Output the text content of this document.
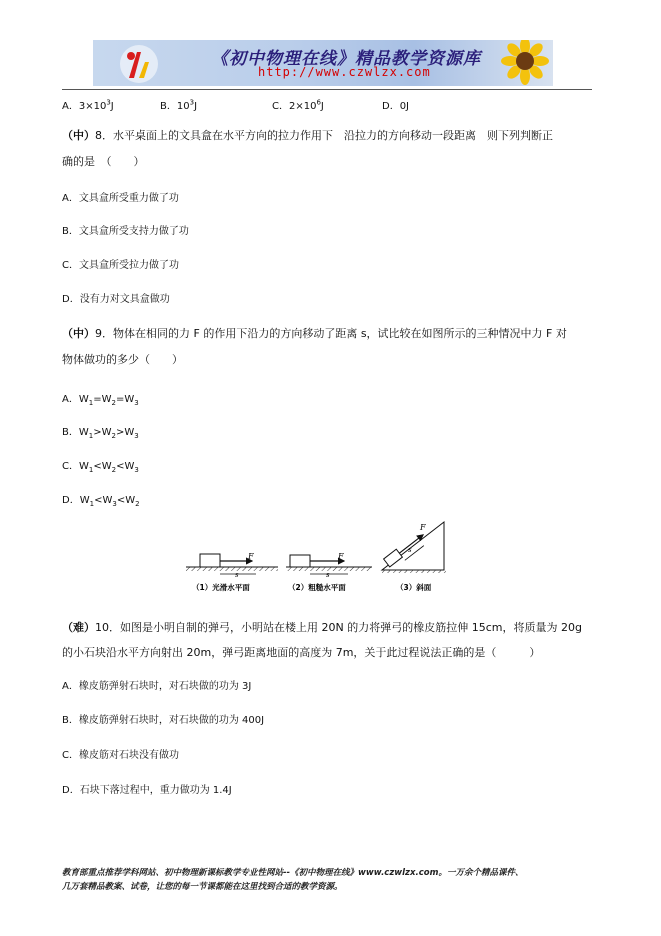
《初中物理在线》精品教学资源库
http://www.czwlzx.com
A．$3\times 10^3J$	B．$10^3J$	C．$2\times 10^6J$	D．0J
（中）8．水平桌面上的文具盒在水平方向的拉力作用下　沿拉力的方向移动一段距离　则下列判断正
确的是　（　　）
A．文具盒所受重力做了功
B．文具盒所受支持力做了功
C．文具盒所受拉力做了功
D．没有力对文具盒做功
（中）9．物体在相同的力 F 的作用下沿力的方向移动了距离 s，试比较在如图所示的三种情况中力 F 对
物体做功的多少（　　）
A．$W_1=W_2=W_3$
B．$W_1>W_2>W_3$
C．$W_1<W_2<W_3$
D．$W_1<W_3<W_2$
F
s
（1）光滑水平面
F
s
（2）粗糙水平面
F
s
（3）斜面
（难）10．如图是小明自制的弹弓，小明站在楼上用 20N 的力将弹弓的橡皮筋拉伸 15cm，将质量为 20g
的小石块沿水平方向射出 20m，弹弓距离地面的高度为 7m，关于此过程说法正确的是（　　　）
A．橡皮筋弹射石块时，对石块做的功为 3J
B．橡皮筋弹射石块时，对石块做的功为 400J
C．橡皮筋对石块没有做功
D．石块下落过程中，重力做功为 1.4J
教育部重点推荐学科网站、初中物理新课标教学专业性网站--《初中物理在线》www.czwlzx.com。一万余个精品课件、
几万套精品教案、试卷，让您的每一节课都能在这里找到合适的教学资源。
